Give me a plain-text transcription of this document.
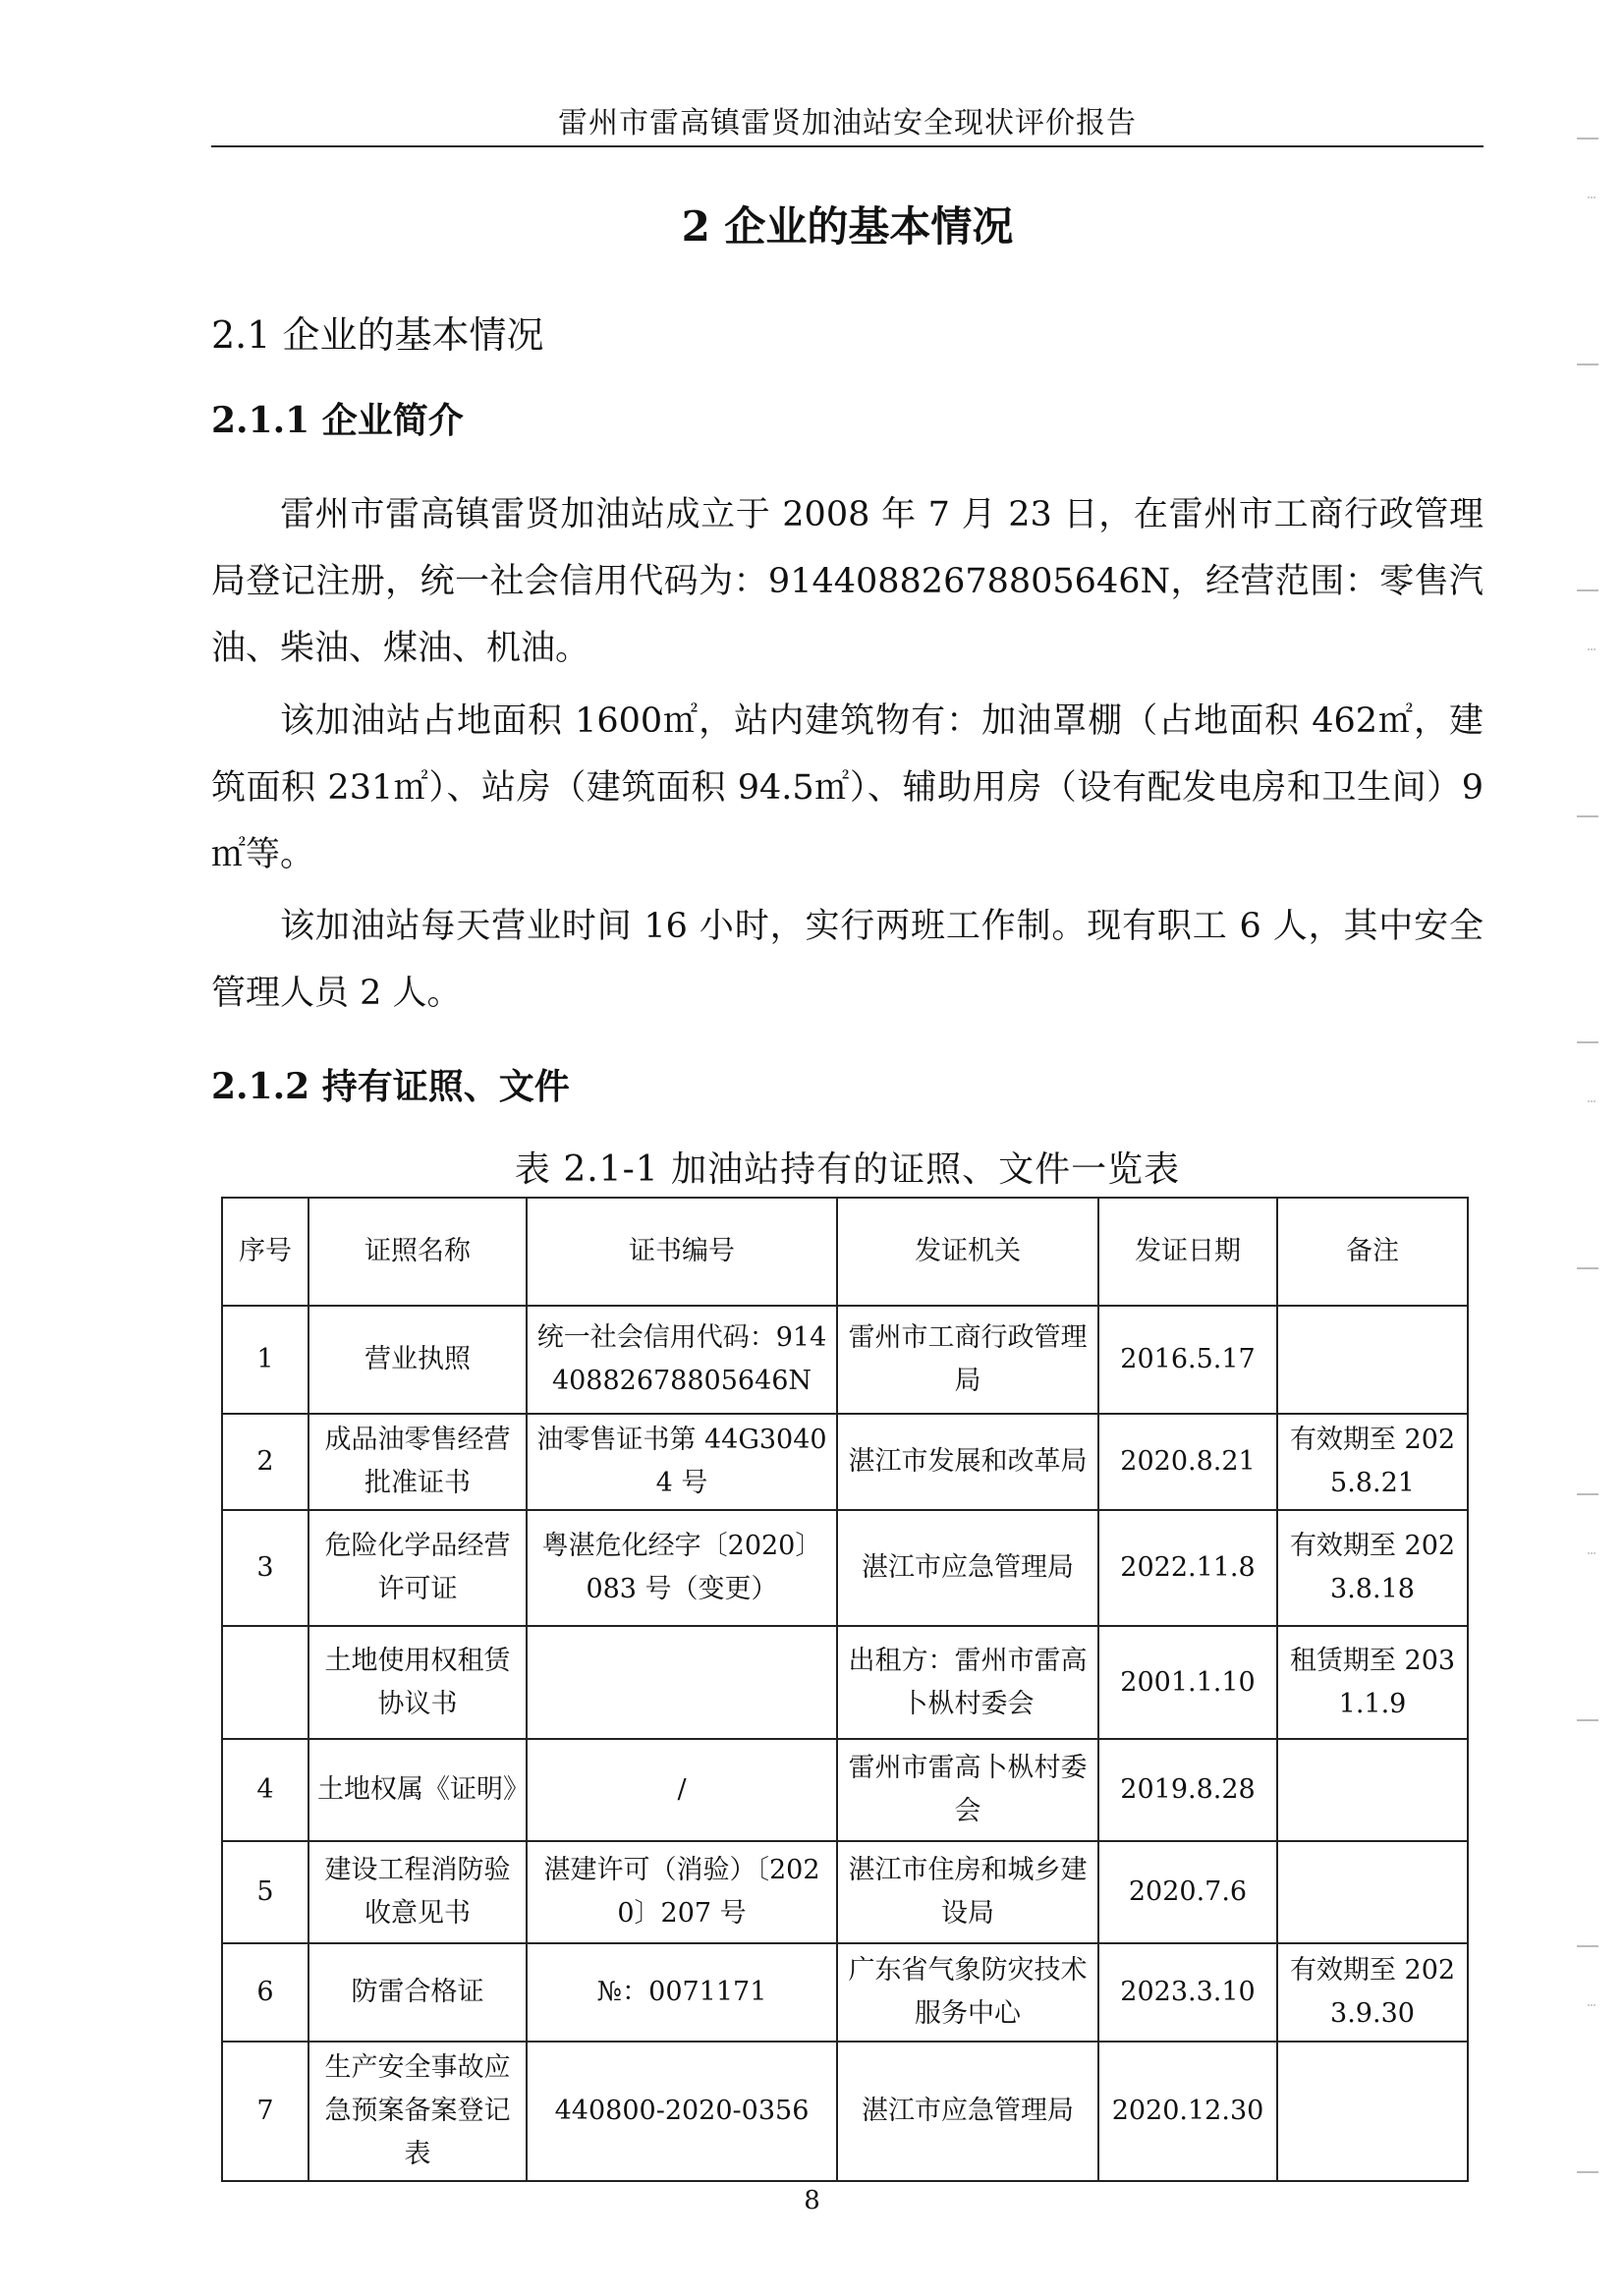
雷州市雷高镇雷贤加油站安全现状评价报告
2 企业的基本情况
2.1 企业的基本情况
2.1.1 企业简介

雷州市雷高镇雷贤加油站成立于 2008 年 7 月 23 日，在雷州市工商行政管理局登记注册，统一社会信用代码为：91440882678805646N，经营范围：零售汽油、柴油、煤油、机油。

该加油站占地面积 1600㎡，站内建筑物有：加油罩棚（占地面积 462㎡，建筑面积 231㎡）、站房（建筑面积 94.5㎡）、辅助用房（设有配发电房和卫生间）9㎡等。

该加油站每天营业时间 16 小时，实行两班工作制。现有职工 6 人，其中安全管理人员 2 人。

2.1.2 持有证照、文件
表 2.1-1 加油站持有的证照、文件一览表
序号	证照名称	证书编号	发证机关	发证日期	备注
1	营业执照	统一社会信用代码：91440882678805646N	雷州市工商行政管理局	2016.5.17	
2	成品油零售经营批准证书	油零售证书第 44G30404 号	湛江市发展和改革局	2020.8.21	有效期至 2025.8.21
3	危险化学品经营许可证	粤湛危化经字〔2020〕083 号（变更）	湛江市应急管理局	2022.11.8	有效期至 2023.8.18
	土地使用权租赁协议书		出租方：雷州市雷高卜枞村委会	2001.1.10	租赁期至 2031.1.9
4	土地权属《证明》	/	雷州市雷高卜枞村委会	2019.8.28	
5	建设工程消防验收意见书	湛建许可（消验）〔2020〕207 号	湛江市住房和城乡建设局	2020.7.6	
6	防雷合格证	№：0071171	广东省气象防灾技术服务中心	2023.3.10	有效期至 2023.9.30
7	生产安全事故应急预案备案登记表	440800-2020-0356	湛江市应急管理局	2020.12.30	
8
